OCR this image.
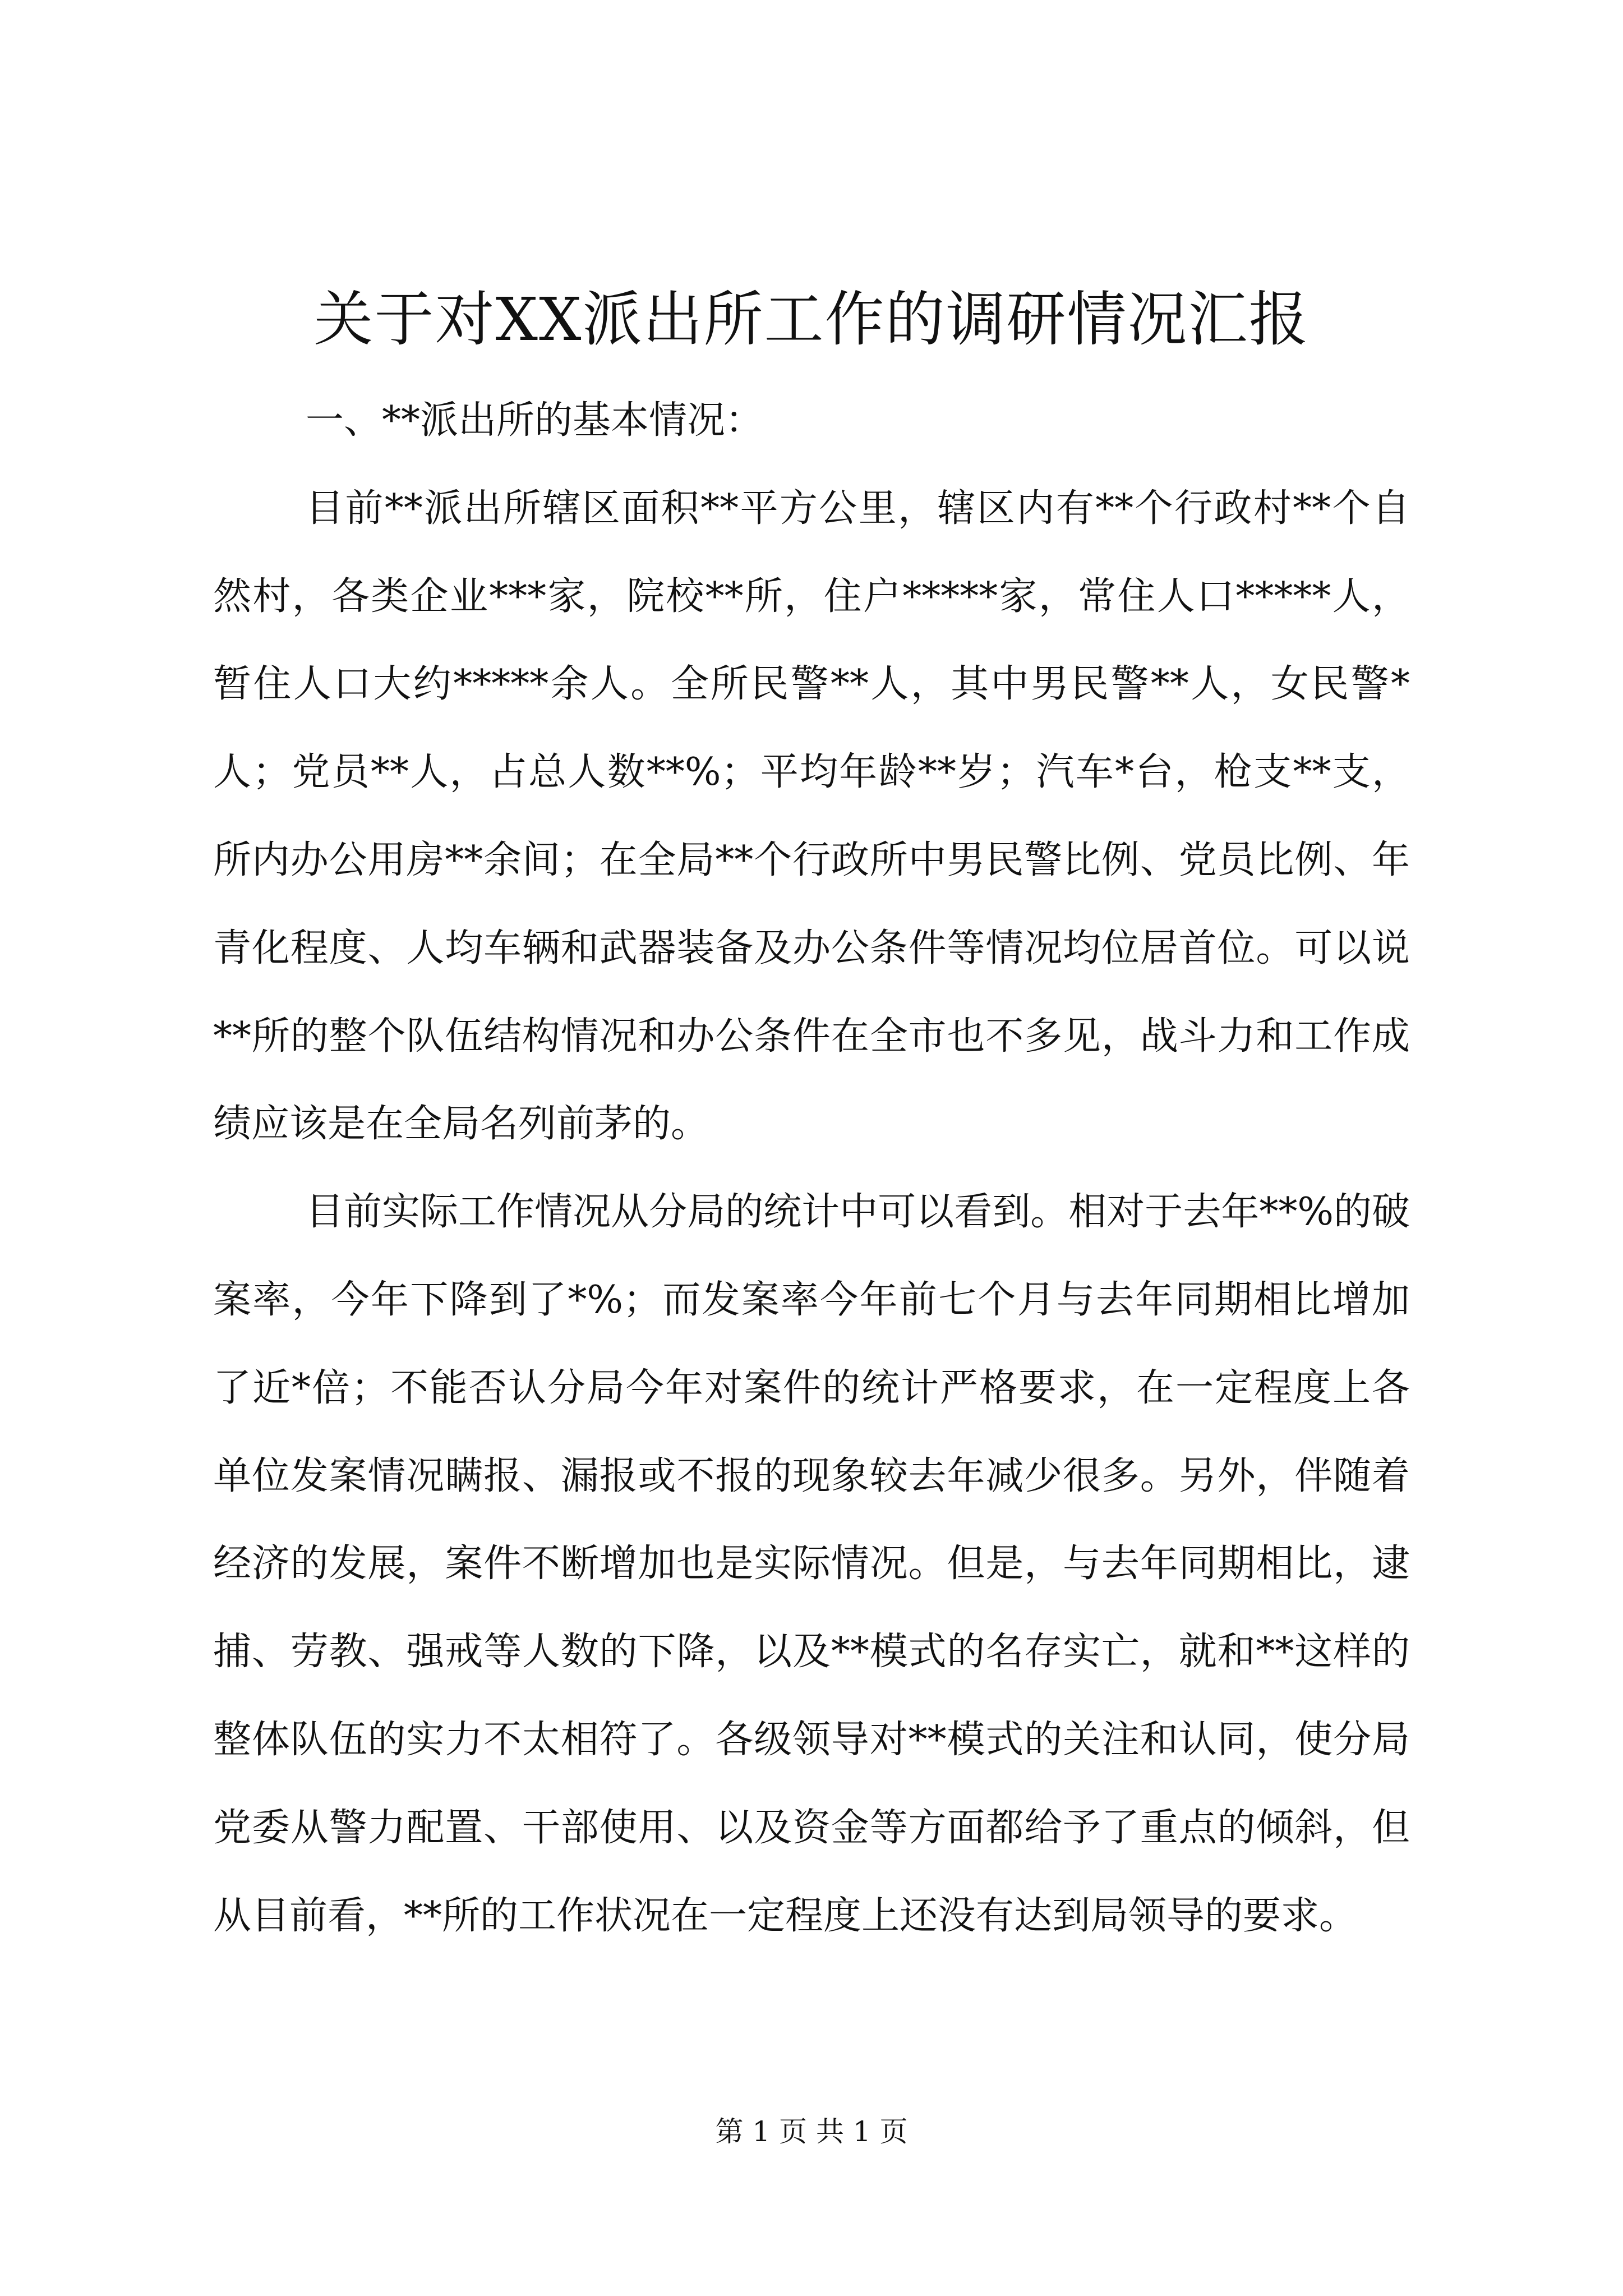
关于对XX派出所工作的调研情况汇报

一、**派出所的基本情况：

目前**派出所辖区面积**平方公里，辖区内有**个行政村**个自然村，各类企业***家，院校**所，住户*****家，常住人口*****人，暂住人口大约*****余人。全所民警**人，其中男民警**人，女民警*人；党员**人，占总人数**%；平均年龄**岁；汽车*台，枪支**支，所内办公用房**余间；在全局**个行政所中男民警比例、党员比例、年青化程度、人均车辆和武器装备及办公条件等情况均位居首位。可以说**所的整个队伍结构情况和办公条件在全市也不多见，战斗力和工作成绩应该是在全局名列前茅的。

目前实际工作情况从分局的统计中可以看到。相对于去年**%的破案率，今年下降到了*%；而发案率今年前七个月与去年同期相比增加了近*倍；不能否认分局今年对案件的统计严格要求，在一定程度上各单位发案情况瞒报、漏报或不报的现象较去年减少很多。另外，伴随着经济的发展，案件不断增加也是实际情况。但是，与去年同期相比，逮捕、劳教、强戒等人数的下降，以及**模式的名存实亡，就和**这样的整体队伍的实力不太相符了。各级领导对**模式的关注和认同，使分局党委从警力配置、干部使用、以及资金等方面都给予了重点的倾斜，但从目前看，**所的工作状况在一定程度上还没有达到局领导的要求。

第 1 页 共 1 页
